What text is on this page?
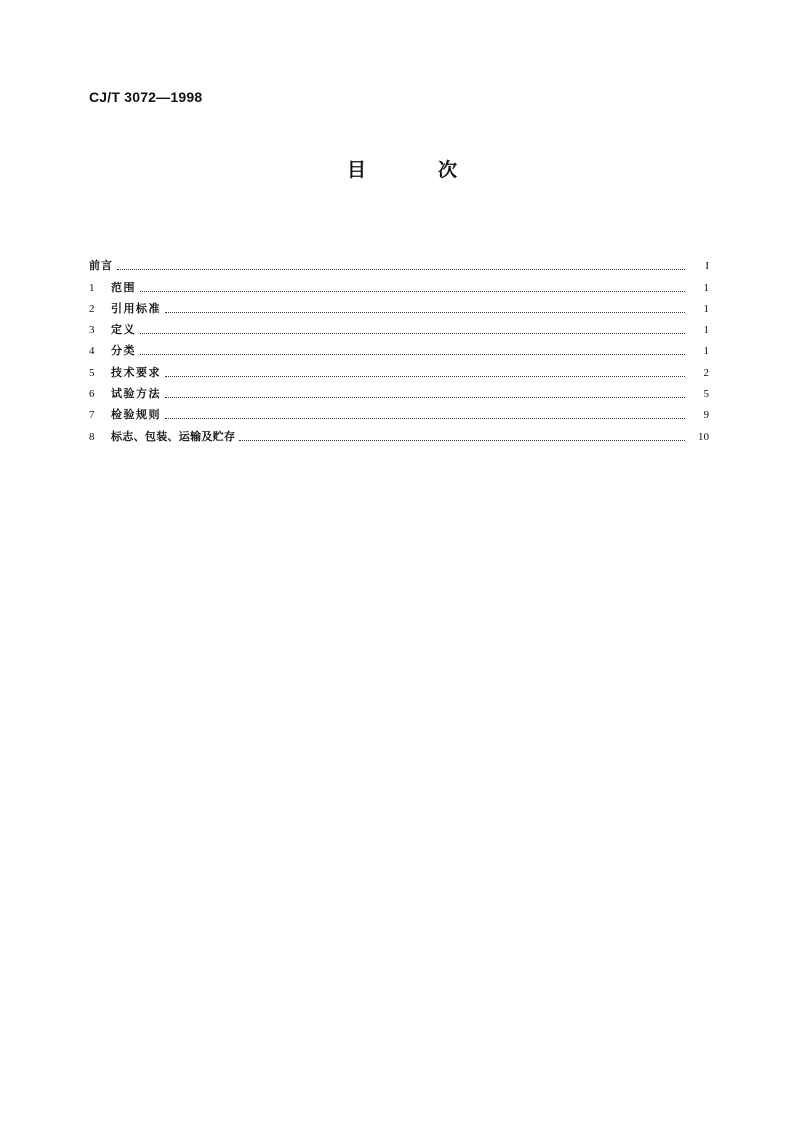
CJ/T 3072—1998
目	次
前言	I
1	范围	1
2	引用标准	1
3	定义	1
4	分类	1
5	技术要求	2
6	试验方法	5
7	检验规则	9
8	标志、包装、运输及贮存	10
